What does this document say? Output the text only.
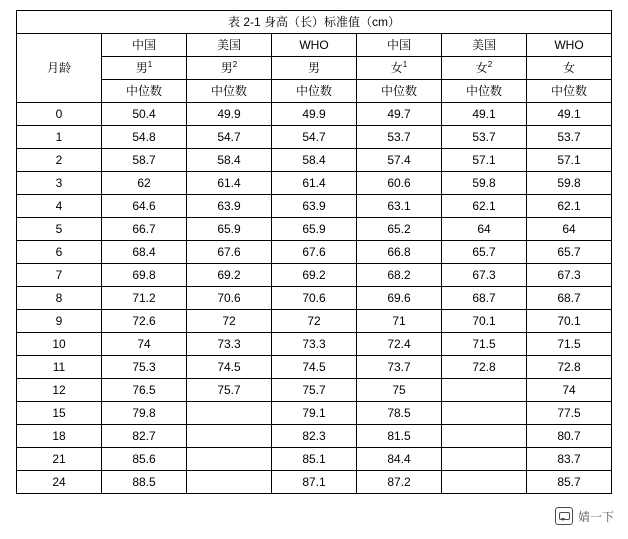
表 2-1 身高（长）标准值（cm）						
月龄	中国	美国	WHO	中国	美国	WHO
	男$^1$	男$^2$	男	女$^1$	女$^2$	女
	中位数	中位数	中位数	中位数	中位数	中位数
0	50.4	49.9	49.9	49.7	49.1	49.1
1	54.8	54.7	54.7	53.7	53.7	53.7
2	58.7	58.4	58.4	57.4	57.1	57.1
3	62	61.4	61.4	60.6	59.8	59.8
4	64.6	63.9	63.9	63.1	62.1	62.1
5	66.7	65.9	65.9	65.2	64	64
6	68.4	67.6	67.6	66.8	65.7	65.7
7	69.8	69.2	69.2	68.2	67.3	67.3
8	71.2	70.6	70.6	69.6	68.7	68.7
9	72.6	72	72	71	70.1	70.1
10	74	73.3	73.3	72.4	71.5	71.5
11	75.3	74.5	74.5	73.7	72.8	72.8
12	76.5	75.7	75.7	75		74
15	79.8		79.1	78.5		77.5
18	82.7		82.3	81.5		80.7
21	85.6		85.1	84.4		83.7
24	88.5		87.1	87.2		85.7
婧一下
